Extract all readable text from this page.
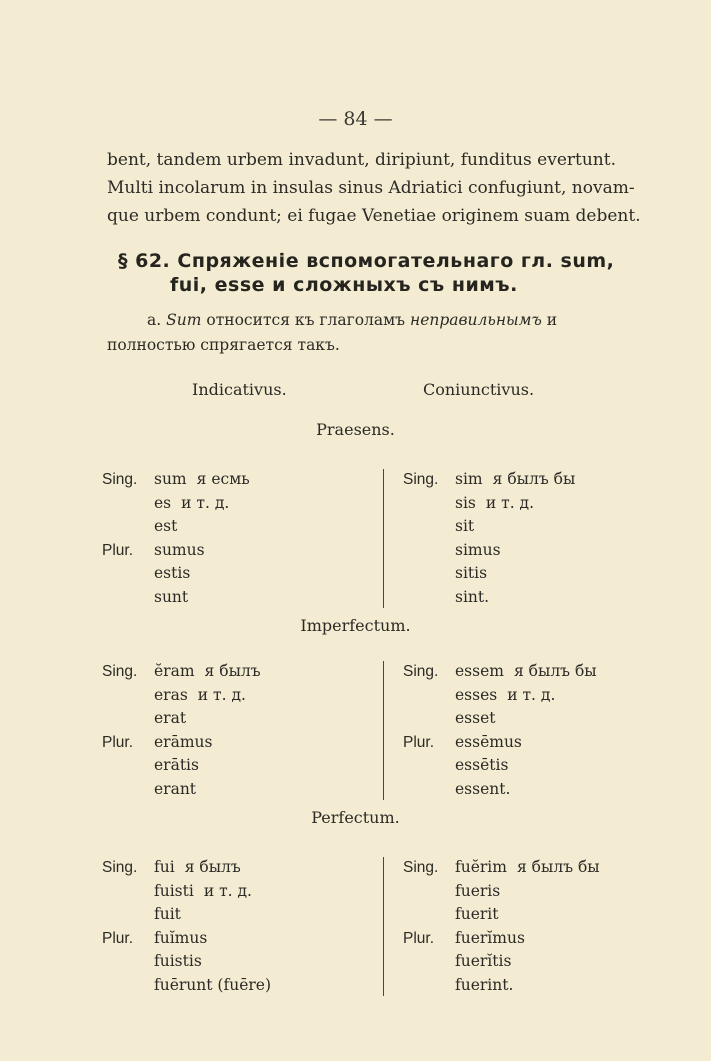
— 84 —
bent, tandem urbem invadunt, diripiunt, funditus evertunt.
Multi incolarum in insulas sinus Adriatici confugiunt, novam-
que urbem condunt; ei fugae Venetiae originem suam debent.
§ 62. Спряженіе вспомогательнаго гл. sum,
fui, esse и сложныхъ съ нимъ.
a. Sum относится къ глаголамъ неправильнымъ и
полностью спрягается такъ.
Indicativus.	Coniunctivus.
Praesens.
Sing. sum я есмь
es и т. д.
est
Plur. sumus
estis
sunt
Sing. sim я былъ бы
sis и т. д.
sit
simus
sitis
sint.
Imperfectum.
Sing. ĕram я былъ
eras и т. д.
erat
Plur. erāmus
erātis
erant
Sing. essem я былъ бы
esses и т. д.
esset
Plur. essēmus
essētis
essent.
Perfectum.
Sing. fui я былъ
fuisti и т. д.
fuit
Plur. fuĭmus
fuistis
fuērunt (fuēre)
Sing. fuĕrim я былъ бы
fueris
fuerit
Plur. fuerĭmus
fuerĭtis
fuerint.
